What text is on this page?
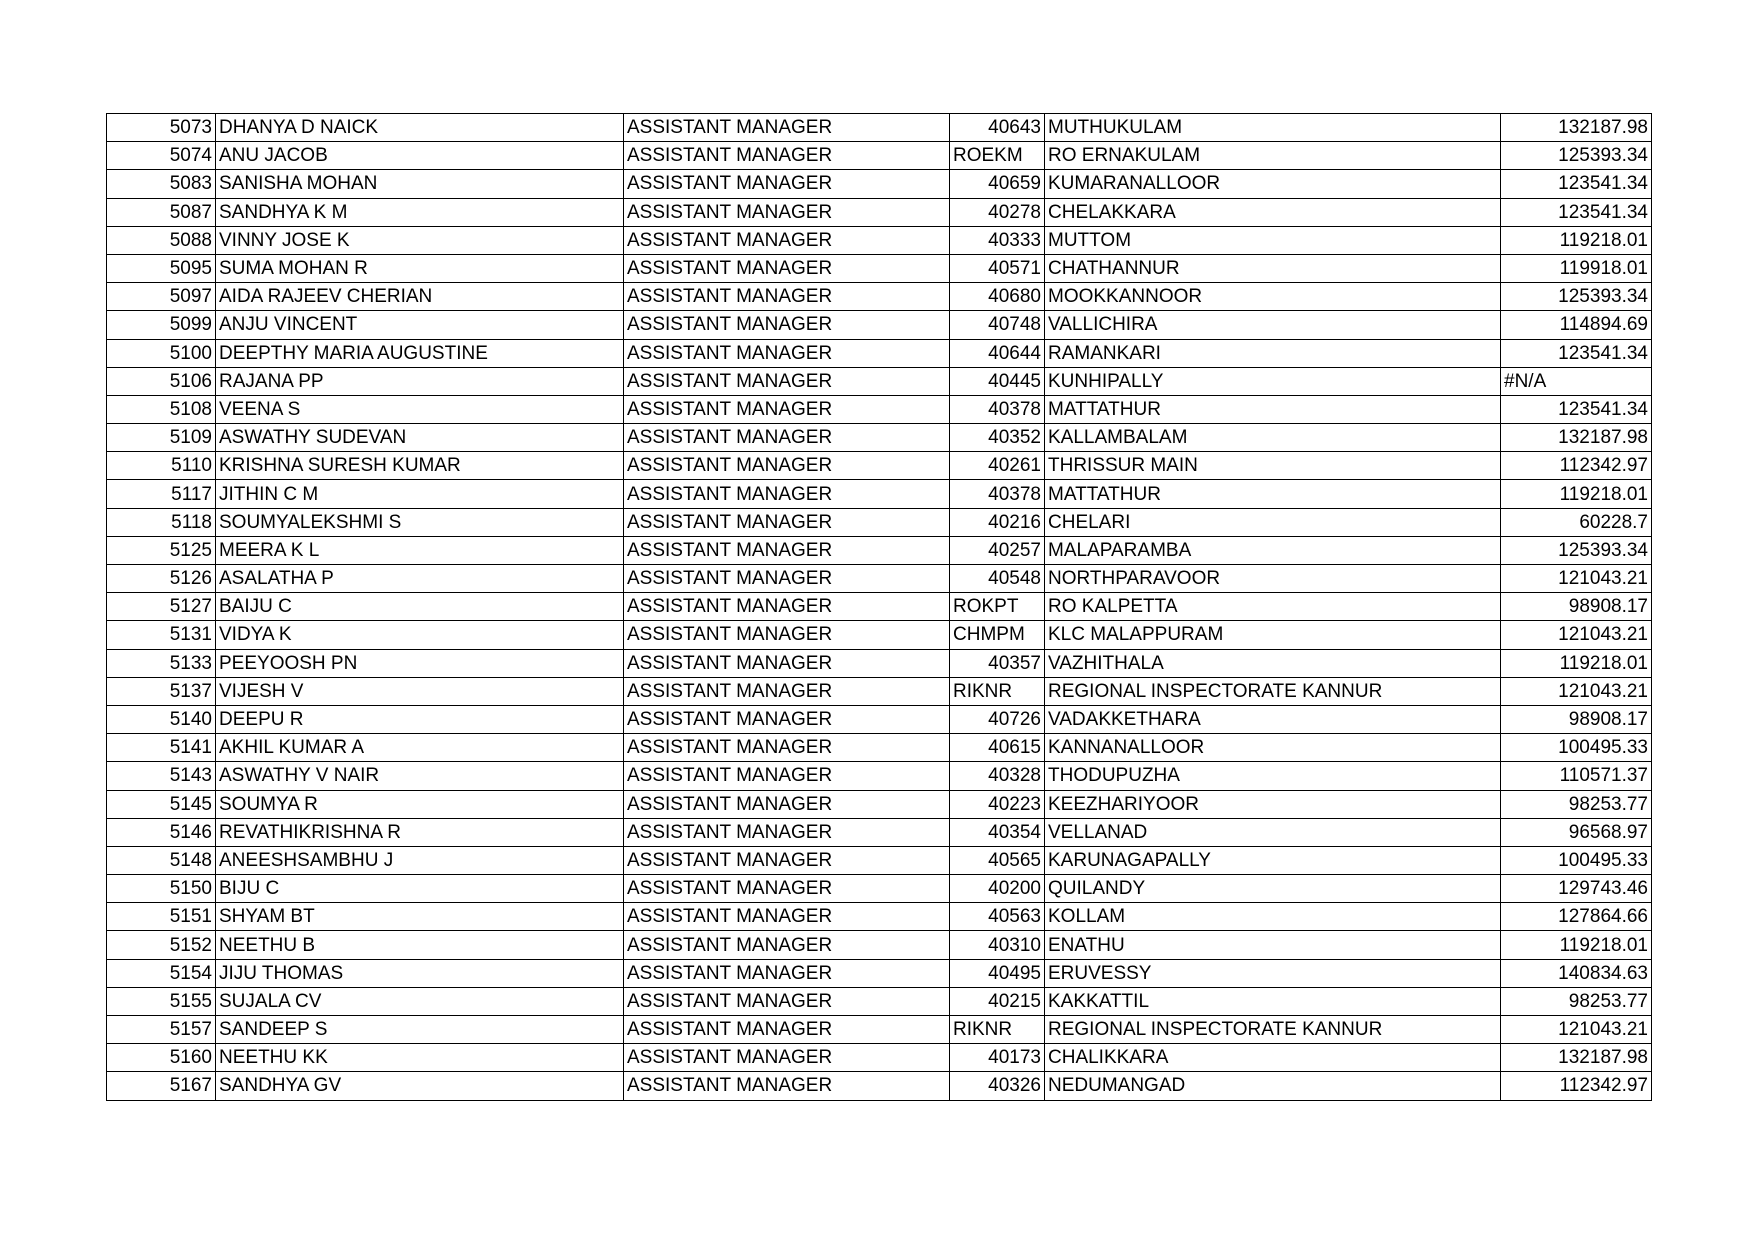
5073	DHANYA D NAICK	ASSISTANT MANAGER	40643	MUTHUKULAM	132187.98
5074	ANU JACOB	ASSISTANT MANAGER	ROEKM	RO ERNAKULAM	125393.34
5083	SANISHA MOHAN	ASSISTANT MANAGER	40659	KUMARANALLOOR	123541.34
5087	SANDHYA K M	ASSISTANT MANAGER	40278	CHELAKKARA	123541.34
5088	VINNY JOSE K	ASSISTANT MANAGER	40333	MUTTOM	119218.01
5095	SUMA MOHAN R	ASSISTANT MANAGER	40571	CHATHANNUR	119918.01
5097	AIDA RAJEEV CHERIAN	ASSISTANT MANAGER	40680	MOOKKANNOOR	125393.34
5099	ANJU VINCENT	ASSISTANT MANAGER	40748	VALLICHIRA	114894.69
5100	DEEPTHY MARIA AUGUSTINE	ASSISTANT MANAGER	40644	RAMANKARI	123541.34
5106	RAJANA PP	ASSISTANT MANAGER	40445	KUNHIPALLY	#N/A
5108	VEENA S	ASSISTANT MANAGER	40378	MATTATHUR	123541.34
5109	ASWATHY SUDEVAN	ASSISTANT MANAGER	40352	KALLAMBALAM	132187.98
5110	KRISHNA SURESH KUMAR	ASSISTANT MANAGER	40261	THRISSUR MAIN	112342.97
5117	JITHIN C M	ASSISTANT MANAGER	40378	MATTATHUR	119218.01
5118	SOUMYALEKSHMI S	ASSISTANT MANAGER	40216	CHELARI	60228.7
5125	MEERA K L	ASSISTANT MANAGER	40257	MALAPARAMBA	125393.34
5126	ASALATHA P	ASSISTANT MANAGER	40548	NORTHPARAVOOR	121043.21
5127	BAIJU C	ASSISTANT MANAGER	ROKPT	RO KALPETTA	98908.17
5131	VIDYA K	ASSISTANT MANAGER	CHMPM	KLC MALAPPURAM	121043.21
5133	PEEYOOSH PN	ASSISTANT MANAGER	40357	VAZHITHALA	119218.01
5137	VIJESH V	ASSISTANT MANAGER	RIKNR	REGIONAL INSPECTORATE KANNUR	121043.21
5140	DEEPU R	ASSISTANT MANAGER	40726	VADAKKETHARA	98908.17
5141	AKHIL KUMAR A	ASSISTANT MANAGER	40615	KANNANALLOOR	100495.33
5143	ASWATHY V NAIR	ASSISTANT MANAGER	40328	THODUPUZHA	110571.37
5145	SOUMYA R	ASSISTANT MANAGER	40223	KEEZHARIYOOR	98253.77
5146	REVATHIKRISHNA R	ASSISTANT MANAGER	40354	VELLANAD	96568.97
5148	ANEESHSAMBHU J	ASSISTANT MANAGER	40565	KARUNAGAPALLY	100495.33
5150	BIJU C	ASSISTANT MANAGER	40200	QUILANDY	129743.46
5151	SHYAM BT	ASSISTANT MANAGER	40563	KOLLAM	127864.66
5152	NEETHU B	ASSISTANT MANAGER	40310	ENATHU	119218.01
5154	JIJU THOMAS	ASSISTANT MANAGER	40495	ERUVESSY	140834.63
5155	SUJALA CV	ASSISTANT MANAGER	40215	KAKKATTIL	98253.77
5157	SANDEEP S	ASSISTANT MANAGER	RIKNR	REGIONAL INSPECTORATE KANNUR	121043.21
5160	NEETHU KK	ASSISTANT MANAGER	40173	CHALIKKARA	132187.98
5167	SANDHYA GV	ASSISTANT MANAGER	40326	NEDUMANGAD	112342.97
